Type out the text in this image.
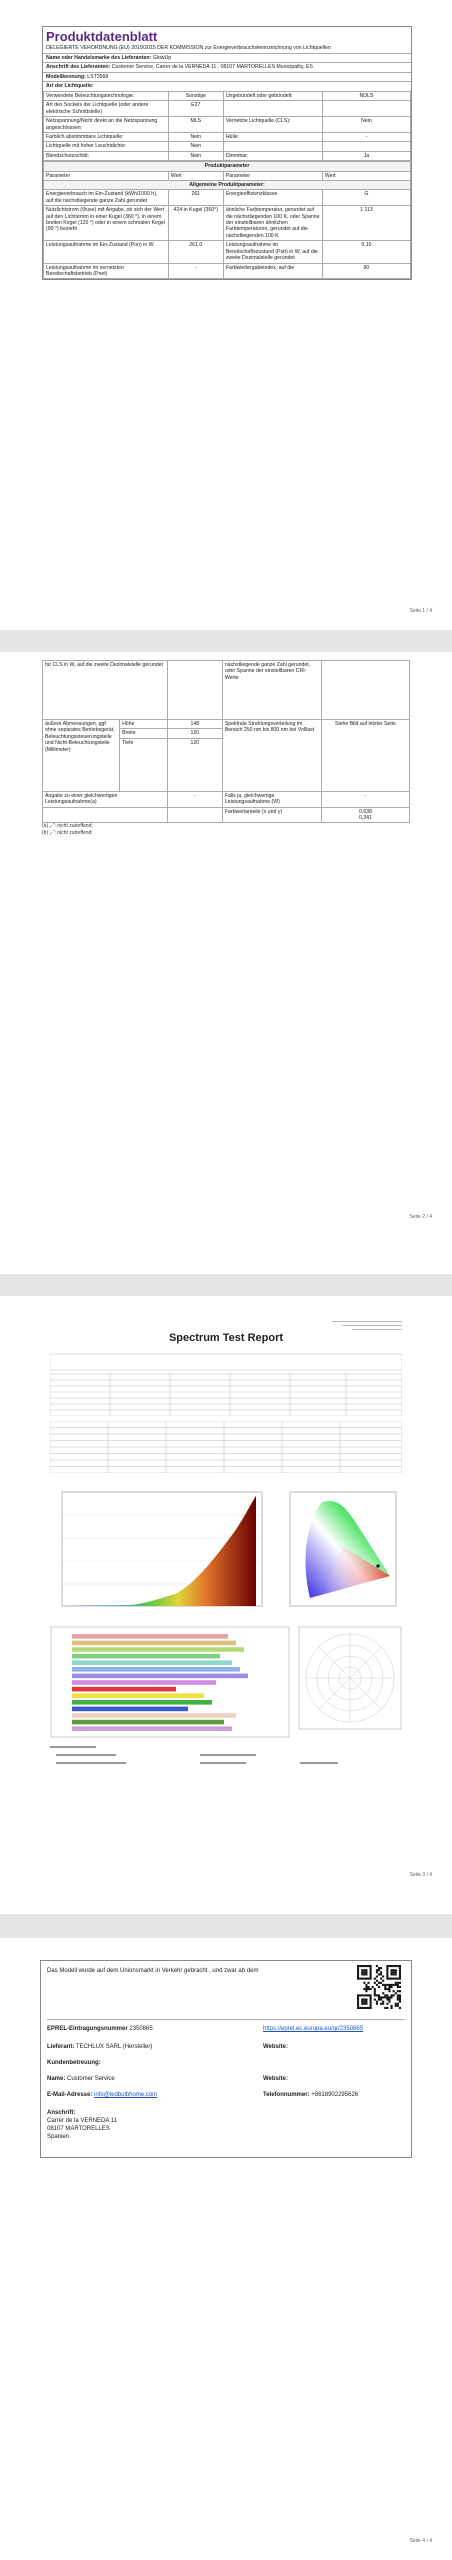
Produktdatenblatt
DELEGIERTE VERORDNUNG (EU) 2019/2015 DER KOMMISSION zur Energieverbrauchskennzeichnung von Lichtquellen
Name oder Handelsmarke des Lieferanten: GlowUp
Anschrift des Lieferanten: Customer Service, Carrer de la VERNEDA 11 , 08107 MARTORELLES Municipality, ES
Modellkennung: LST3568
Art der Lichtquelle:
Verwendete Beleuchtungstechnologie:	Sonstige	Ungebündelt oder gebündelt:	NDLS
Art des Sockels der Lichtquelle (oder andere elektrische Schnittstelle)	E27		
Netzspannung/Nicht direkt an die Netzspannung angeschlossen:	MLS	Vernetzte Lichtquelle (CLS):	Nein
Farblich abstimmbare Lichtquelle:	Nein	Hülle:	-
Lichtquelle mit hoher Leuchtdichte:	Nein		
Blendschutzschild:	Nein	Dimmbar:	Ja
Produktparameter			
Parameter	Wert	Parameter	Wert
Allgemeine Produktparameter:			
Energieverbrauch im Ein-Zustand (kWh/1000 h), auf die nächstliegende ganze Zahl gerundet	261	Energieeffizienzklasse	G
Nutzlichtstrom (Φuse) mit Angabe, ob sich der Wert auf den Lichtstrom in einer Kugel (360 °), in einem breiten Kegel (120 °) oder in einem schmalen Kegel (90 °) bezieht	424 in Kugel (360°)	ähnliche Farbtemperatur, gerundet auf die nächstliegenden 100 K, oder Spanne der einstellbaren ähnlichen Farbtemperaturen, gerundet auf die nächstliegenden 100 K	1 113
Leistungsaufnahme im Ein-Zustand (Pon) in W	261,0	Leistungsaufnahme im Bereitschaftszustand (Psb) in W, auf die zweite Dezimalstelle gerundet	0,10
Leistungsaufnahme im vernetzten Bereitschaftsbetrieb (Pnet)	-	Farbwiedergabeindex, auf die	90
Seite 1 / 4
für CLS in W, auf die zweite Dezimalstelle gerundet			nächstliegende ganze Zahl gerundet, oder Spanne der einstellbaren CRI-Werte	
äußere Abmessungen, ggf. ohne separates Betriebsgerät, Beleuchtungssteuerungsteile und Nicht-Beleuchtungsteile (Millimeter)	Höhe	148	Spektrale Strahlungsverteilung im Bereich 250 nm bis 800 nm bei Volllast	Siehe Bild auf letzter Seite
	Breite	120		
	Tiefe	120		
Angabe zu einer gleichwertigen Leistungsaufnahme(a)		-	Falls ja, gleichwertige Leistungsaufnahme (W)	-
			Farbwertanteile (x und y)	0,638
0,341
(a) „-“: nicht zutreffend;
(b) „-“: nicht zutreffend;
Seite 2 / 4
Spectrum Test Report

Seite 3 / 4
Das Modell wurde auf dem Unionsmarkt in Verkehr gebracht , und zwar ab dem
EPREL-Eintragungsnummer 2350865	https://eprel.ec.europa.eu/qr/2350865
Lieferant: TECHLUX SARL (Hersteller)	Website:
Kundenbetreuung:
Name: Customer Service	Website:
E-Mail-Adresse: info@ledbulbhome.com	Telefonnummer: +8618902295626
Anschrift:
Carrer de la VERNEDA 11
08107 MARTORELLES
Spanien
Seite 4 / 4
